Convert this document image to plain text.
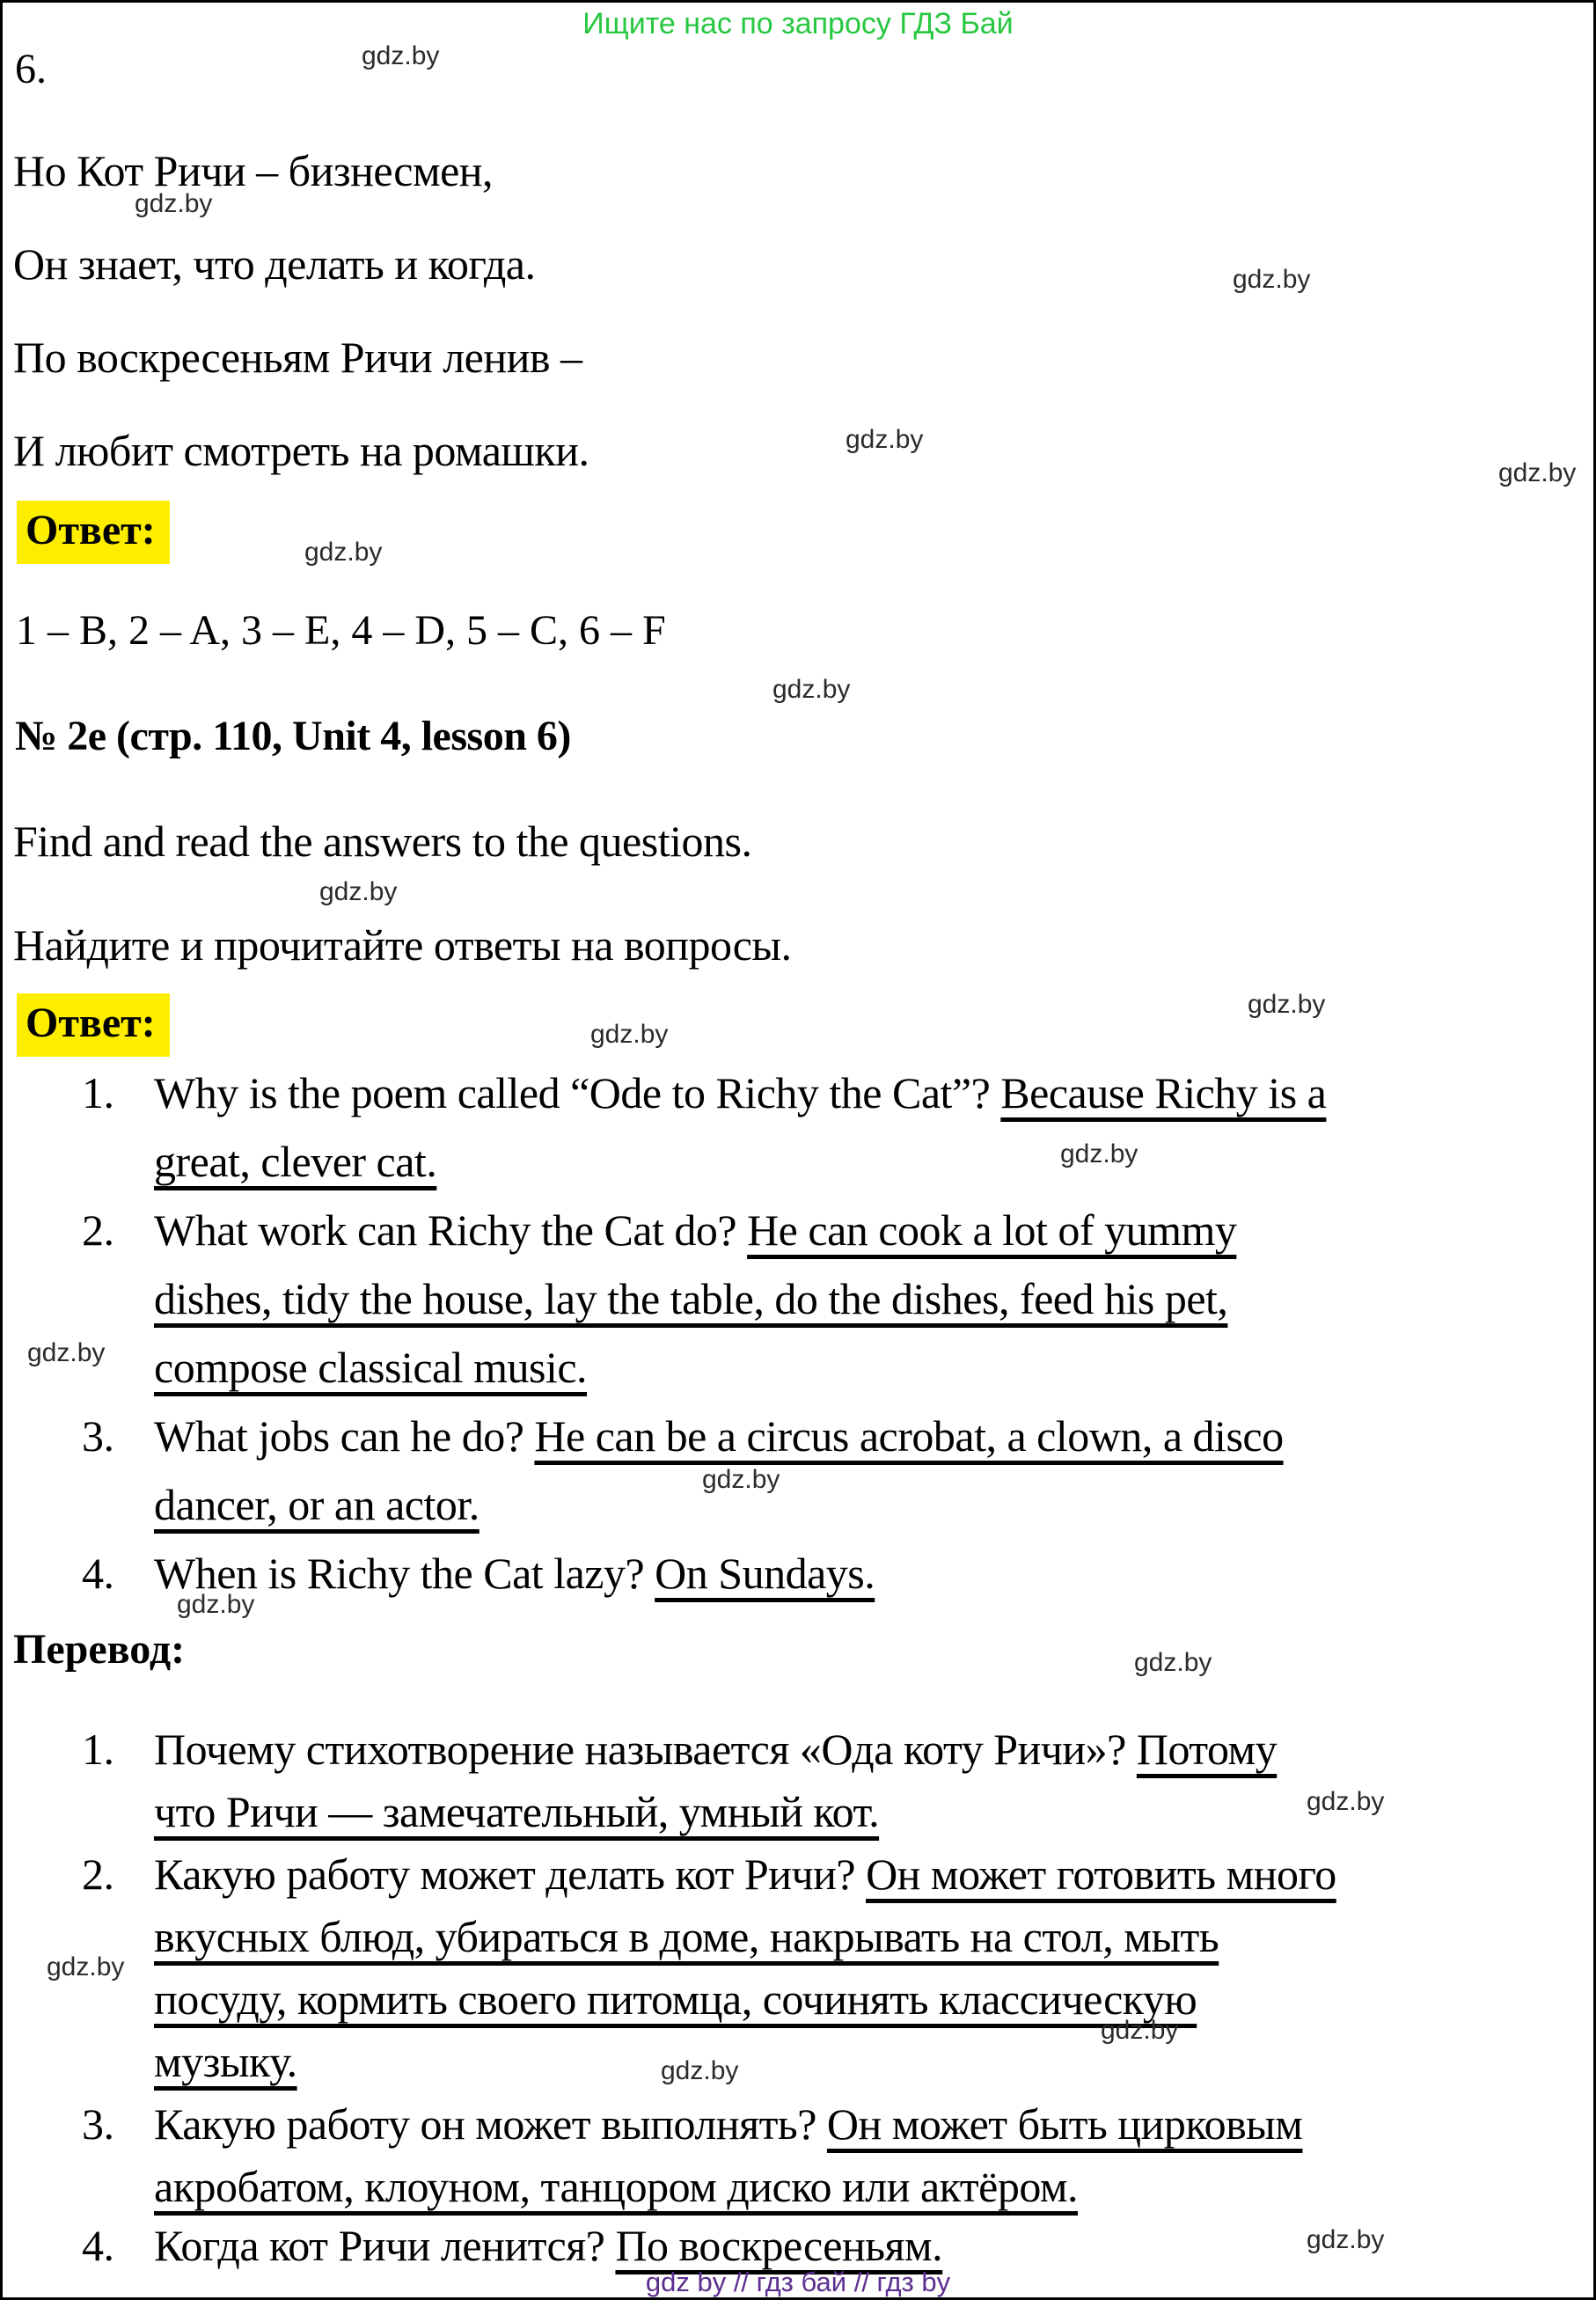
Ищите нас по запросу ГДЗ Бай
6.
Но Кот Ричи – бизнесмен,
Он знает, что делать и когда.
По воскресеньям Ричи ленив –
И любит смотреть на ромашки.
Ответ:
1 – B, 2 – A, 3 – E, 4 – D, 5 – C, 6 – F
№ 2e (стр. 110, Unit 4, lesson 6)
Find and read the answers to the questions.
Найдите и прочитайте ответы на вопросы.
Ответ:
1. Why is the poem called “Ode to Richy the Cat”? Because Richy is a
great, clever cat.
2. What work can Richy the Cat do? He can cook a lot of yummy
dishes, tidy the house, lay the table, do the dishes, feed his pet,
compose classical music.
3. What jobs can he do? He can be a circus acrobat, a clown, a disco
dancer, or an actor.
4. When is Richy the Cat lazy? On Sundays.
Перевод:
1. Почему стихотворение называется «Ода коту Ричи»? Потому
что Ричи — замечательный, умный кот.
2. Какую работу может делать кот Ричи? Он может готовить много
вкусных блюд, убираться в доме, накрывать на стол, мыть
посуду, кормить своего питомца, сочинять классическую
музыку.
3. Какую работу он может выполнять? Он может быть цирковым
акробатом, клоуном, танцором диско или актёром.
4. Когда кот Ричи ленится? По воскресеньям.
gdz by // гдз бай // гдз by
gdz.by
gdz.by
gdz.by
gdz.by
gdz.by
gdz.by
gdz.by
gdz.by
gdz.by
gdz.by
gdz.by
gdz.by
gdz.by
gdz.by
gdz.by
gdz.by
gdz.by
gdz.by
gdz.by
gdz.by
